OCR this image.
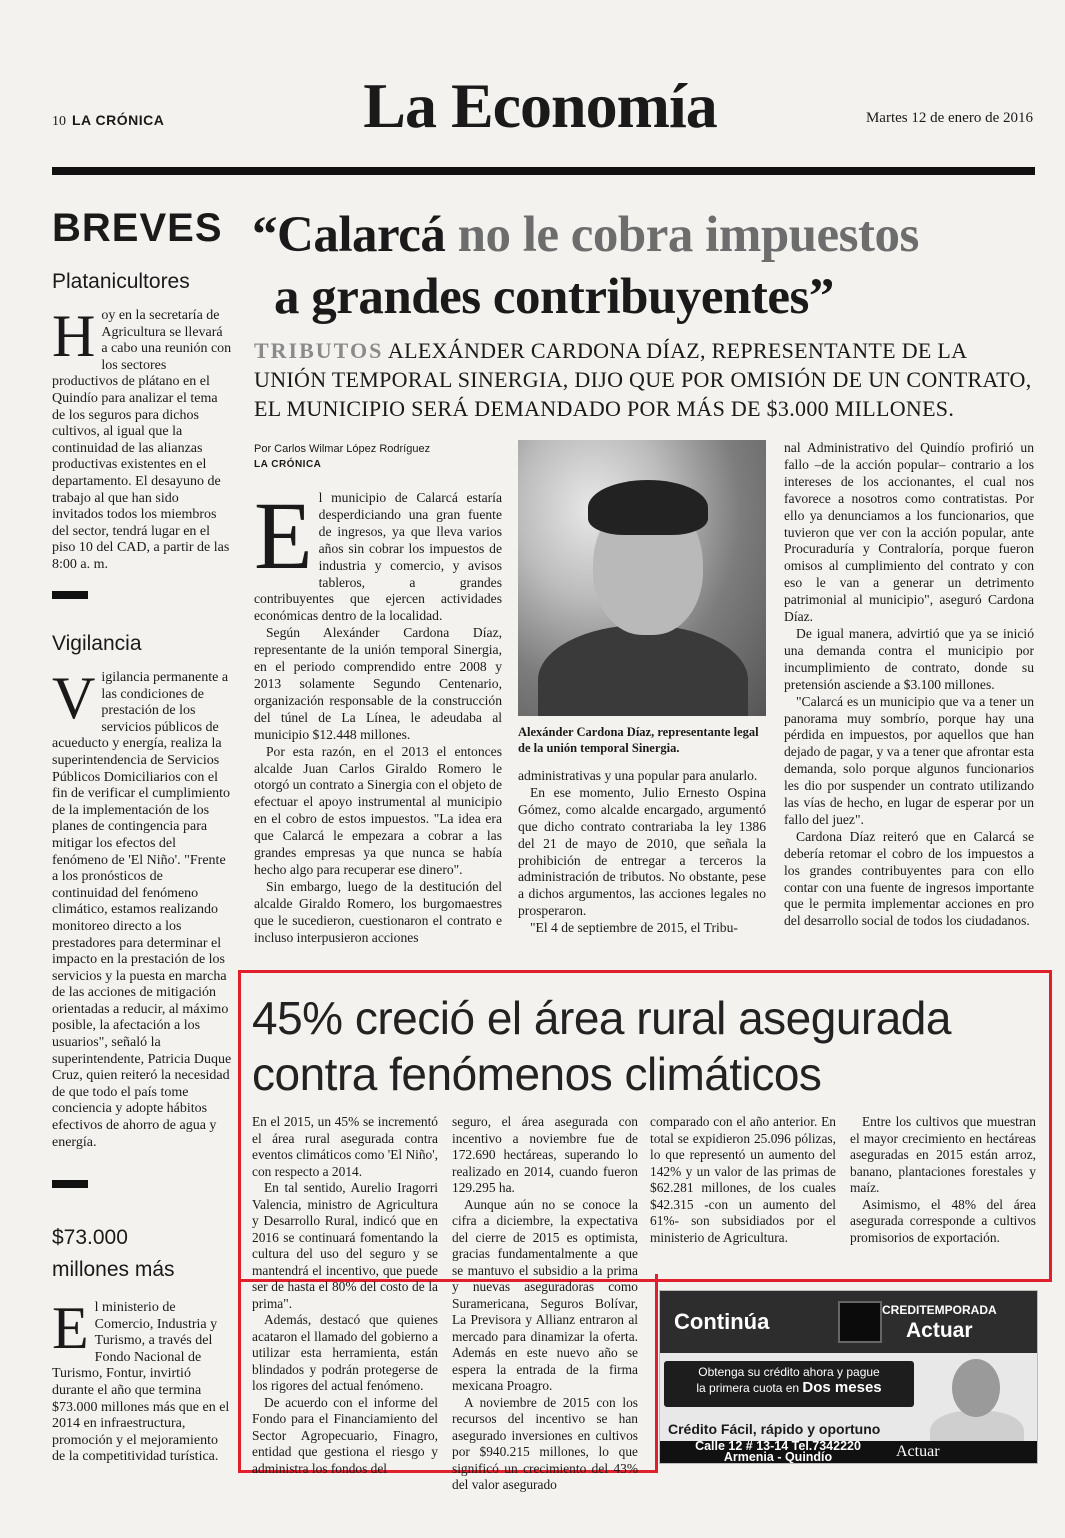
10 LA CRÓNICA	La Economía	Martes 12 de enero de 2016
BREVES
Platanicultores
Hoy en la secretaría de Agricultura se llevará a cabo una reunión con los sectores productivos de plátano en el Quindío para analizar el tema de los seguros para dichos cultivos, al igual que la continuidad de las alianzas productivas existentes en el departamento. El desayuno de trabajo al que han sido invitados todos los miembros del sector, tendrá lugar en el piso 10 del CAD, a partir de las 8:00 a. m.
Vigilancia
Vigilancia permanente a las condiciones de prestación de los servicios públicos de acueducto y energía, realiza la superintendencia de Servicios Públicos Domiciliarios con el fin de verificar el cumplimiento de la implementación de los planes de contingencia para mitigar los efectos del fenómeno de 'El Niño'. "Frente a los pronósticos de continuidad del fenómeno climático, estamos realizando monitoreo directo a los prestadores para determinar el impacto en la prestación de los servicios y la puesta en marcha de las acciones de mitigación orientadas a reducir, al máximo posible, la afectación a los usuarios", señaló la superintendente, Patricia Duque Cruz, quien reiteró la necesidad de que todo el país tome conciencia y adopte hábitos efectivos de ahorro de agua y energía.
$73.000 millones más
El ministerio de Comercio, Industria y Turismo, a través del Fondo Nacional de Turismo, Fontur, invirtió durante el año que termina $73.000 millones más que en el 2014 en infraestructura, promoción y el mejoramiento de la competitividad turística.
“Calarcá no le cobra impuestos
a grandes contribuyentes”
TRIBUTOS ALEXÁNDER CARDONA DÍAZ, REPRESENTANTE DE LA UNIÓN TEMPORAL SINERGIA, DIJO QUE POR OMISIÓN DE UN CONTRATO, EL MUNICIPIO SERÁ DEMANDADO POR MÁS DE $3.000 MILLONES.
Por Carlos Wilmar López Rodríguez
LA CRÓNICA

El municipio de Calarcá estaría desperdiciando una gran fuente de ingresos, ya que lleva varios años sin cobrar los impuestos de industria y comercio, y avisos tableros, a grandes contribuyentes que ejercen actividades económicas dentro de la localidad.

Según Alexánder Cardona Díaz, representante de la unión temporal Sinergia, en el periodo comprendido entre 2008 y 2013 solamente Segundo Centenario, organización responsable de la construcción del túnel de La Línea, le adeudaba al municipio $12.448 millones.

Por esta razón, en el 2013 el entonces alcalde Juan Carlos Giraldo Romero le otorgó un contrato a Sinergia con el objeto de efectuar el apoyo instrumental al municipio en el cobro de estos impuestos. "La idea era que Calarcá le empezara a cobrar a las grandes empresas ya que nunca se había hecho algo para recuperar ese dinero".

Sin embargo, luego de la destitución del alcalde Giraldo Romero, los burgomaestres que le sucedieron, cuestionaron el contrato e incluso interpusieron acciones

Alexánder Cardona Díaz, representante legal de la unión temporal Sinergia.

administrativas y una popular para anularlo.

En ese momento, Julio Ernesto Ospina Gómez, como alcalde encargado, argumentó que dicho contrato contrariaba la ley 1386 del 21 de mayo de 2010, que señala la prohibición de entregar a terceros la administración de tributos. No obstante, pese a dichos argumentos, las acciones legales no prosperaron.

"El 4 de septiembre de 2015, el Tribu-

nal Administrativo del Quindío profirió un fallo –de la acción popular– contrario a los intereses de los accionantes, el cual nos favorece a nosotros como contratistas. Por ello ya denunciamos a los funcionarios, que tuvieron que ver con la acción popular, ante Procuraduría y Contraloría, porque fueron omisos al cumplimiento del contrato y con eso le van a generar un detrimento patrimonial al municipio", aseguró Cardona Díaz.

De igual manera, advirtió que ya se inició una demanda contra el municipio por incumplimiento de contrato, donde su pretensión asciende a $3.100 millones.

"Calarcá es un municipio que va a tener un panorama muy sombrío, porque hay una pérdida en impuestos, por aquellos que han dejado de pagar, y va a tener que afrontar esta demanda, solo porque algunos funcionarios les dio por suspender un contrato utilizando las vías de hecho, en lugar de esperar por un fallo del juez".

Cardona Díaz reiteró que en Calarcá se debería retomar el cobro de los impuestos a los grandes contribuyentes para con ello contar con una fuente de ingresos importante que le permita implementar acciones en pro del desarrollo social de todos los ciudadanos.

45% creció el área rural asegurada
contra fenómenos climáticos

En el 2015, un 45% se incrementó el área rural asegurada contra eventos climáticos como 'El Niño', con respecto a 2014.

En tal sentido, Aurelio Iragorri Valencia, ministro de Agricultura y Desarrollo Rural, indicó que en 2016 se continuará fomentando la cultura del uso del seguro y se mantendrá el incentivo, que puede ser de hasta el 80% del costo de la prima".

Además, destacó que quienes acataron el llamado del gobierno a utilizar esta herramienta, están blindados y podrán protegerse de los rigores del actual fenómeno.

De acuerdo con el informe del Fondo para el Financiamiento del Sector Agropecuario, Finagro, entidad que gestiona el riesgo y administra los fondos del

seguro, el área asegurada con incentivo a noviembre fue de 172.690 hectáreas, superando lo realizado en 2014, cuando fueron 129.295 ha.

Aunque aún no se conoce la cifra a diciembre, la expectativa del cierre de 2015 es optimista, gracias fundamentalmente a que se mantuvo el subsidio a la prima y nuevas aseguradoras como Suramericana, Seguros Bolívar, La Previsora y Allianz entraron al mercado para dinamizar la oferta. Además en este nuevo año se espera la entrada de la firma mexicana Proagro.

A noviembre de 2015 con los recursos del incentivo se han asegurado inversiones en cultivos por $940.215 millones, lo que significó un crecimiento del 43% del valor asegurado

comparado con el año anterior. En total se expidieron 25.096 pólizas, lo que representó un aumento del 142% y un valor de las primas de $62.281 millones, de los cuales $42.315 -con un aumento del 61%- son subsidiados por el ministerio de Agricultura.

Entre los cultivos que muestran el mayor crecimiento en hectáreas aseguradas en 2015 están arroz, banano, plantaciones forestales y maíz.

Asimismo, el 48% del área asegurada corresponde a cultivos promisorios de exportación.

Continúa	CREDITEMPORADA
Actuar
Obtenga su crédito ahora y pague
la primera cuota en Dos meses
Crédito Fácil, rápido y oportuno
Calle 12 # 13-14 Tel.7342220
Armenia - Quindío	Actuar
